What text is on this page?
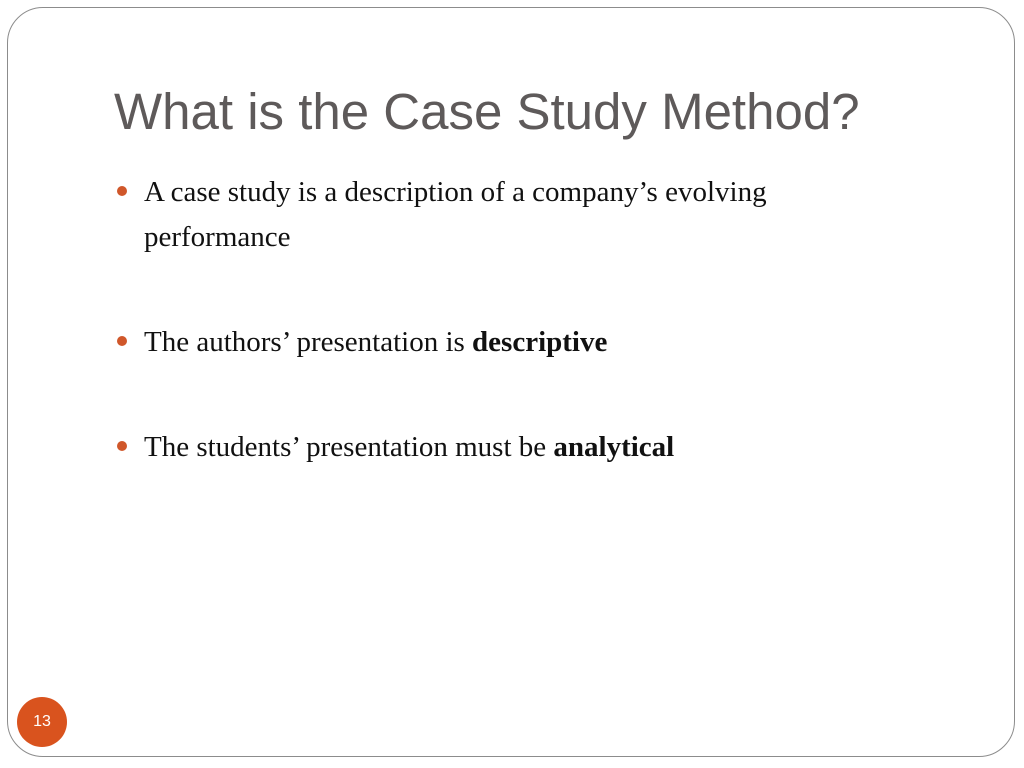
What is the Case Study Method?
A case study is a description of a company’s evolving performance
The authors’ presentation is descriptive
The students’ presentation must be analytical
13
